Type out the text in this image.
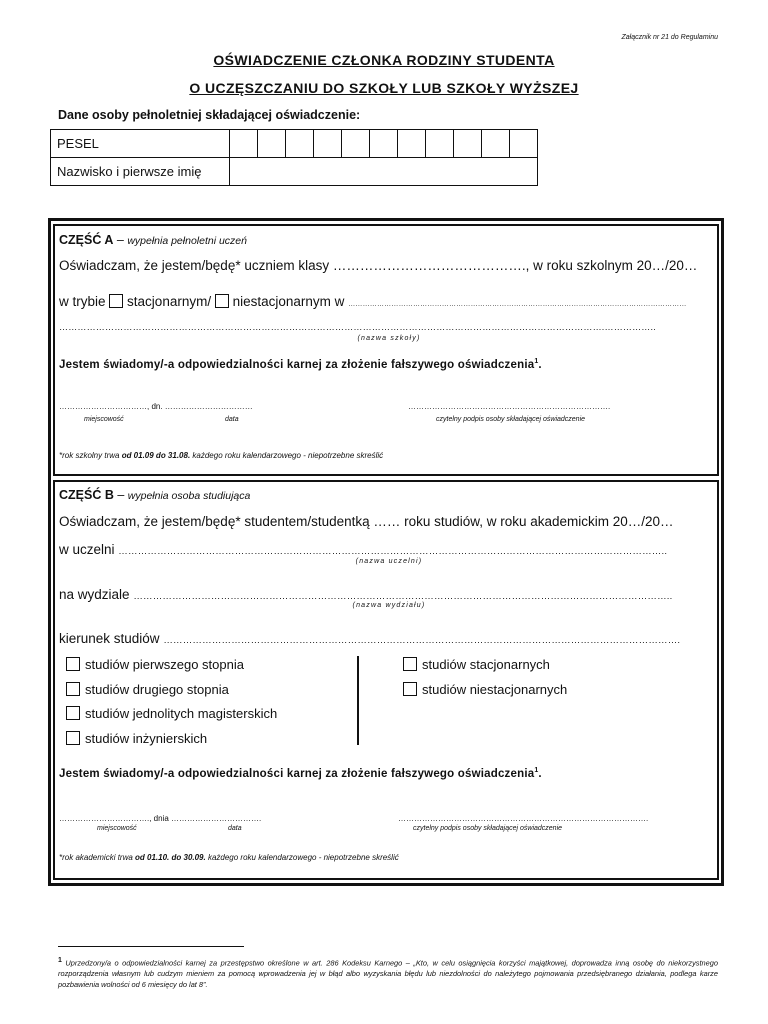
Załącznik nr 21 do Regulaminu
OŚWIADCZENIE CZŁONKA RODZINY STUDENTA
O UCZĘSZCZANIU DO SZKOŁY LUB SZKOŁY WYŻSZEJ
Dane osoby pełnoletniej składającej oświadczenie:
PESEL											
Nazwisko i pierwsze imię											
CZĘŚĆ A – wypełnia pełnoletni uczeń
Oświadczam, że jestem/będę* uczniem klasy ……………………………………., w roku szkolnym 20…/20…
w trybie stacjonarnym/ niestacjonarnym w ……………………………………………………………………………………………………………………………
…………………………………………………………………………………………………………………………………………………………….……………..
(nazwa szkoły)
Jestem świadomy/-a odpowiedzialności karnej za złożenie fałszywego oświadczenia$^1$.
……………………………, dn. ……………………………	………………………………………………………………….
miejscowość	data	czytelny podpis osoby składającej oświadczenie
*rok szkolny trwa od 01.09 do 31.08. każdego roku kalendarzowego - niepotrzebne skreślić
CZĘŚĆ B – wypełnia osoba studiująca
Oświadczam, że jestem/będę* studentem/studentką …… roku studiów, w roku akademickim 20…/20…
w uczelni ……………………………………………………………………………………………………………………………………………………..
(nazwa uczelni)
na wydziale …………………………………………………………………………………………………………………………………………………..
(nazwa wydziału)
kierunek studiów …………………………………………………………………………………………………………………………………………….
studiów pierwszego stopnia
studiów drugiego stopnia
studiów jednolitych magisterskich
studiów inżynierskich
studiów stacjonarnych
studiów niestacjonarnych
Jestem świadomy/-a odpowiedzialności karnej za złożenie fałszywego oświadczenia$^1$.
……………………………., dnia …………………………….	………………………………………………………………………………….
miejscowość	data	czytelny podpis osoby składającej oświadczenie
*rok akademicki trwa od 01.10. do 30.09. każdego roku kalendarzowego - niepotrzebne skreślić
$^1$ Uprzedzony/a o odpowiedzialności karnej za przestępstwo określone w art. 286 Kodeksu Karnego – „Kto, w celu osiągnięcia korzyści majątkowej, doprowadza inną osobę do niekorzystnego rozporządzenia własnym lub cudzym mieniem za pomocą wprowadzenia jej w błąd albo wyzyskania błędu lub niezdolności do należytego pojmowania przedsiębranego działania, podlega karze pozbawienia wolności od 6 miesięcy do lat 8”.
